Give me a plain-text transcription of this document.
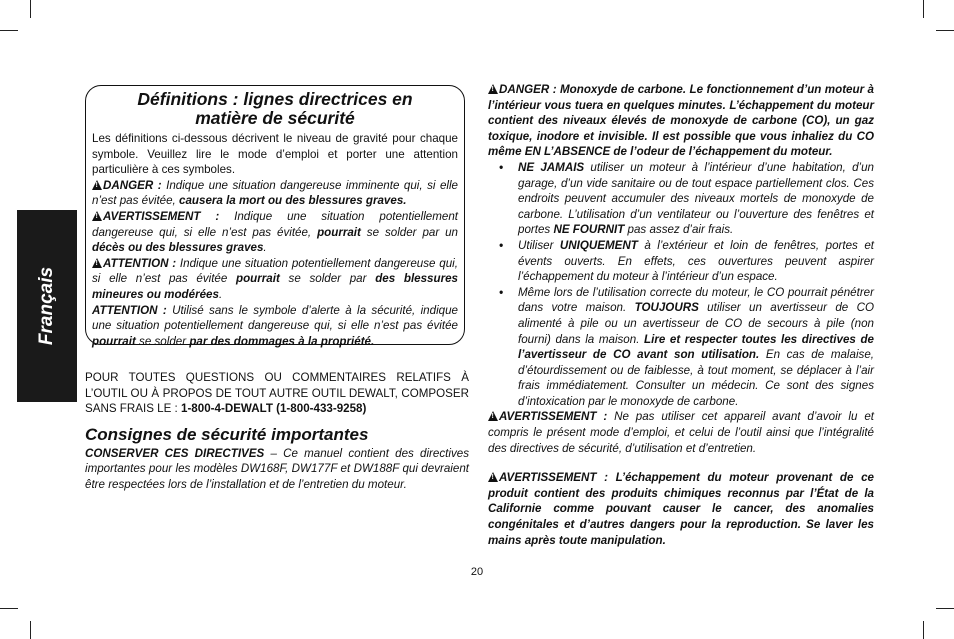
Français
Définitions : lignes directrices en
matière de sécurité

Les définitions ci-dessous décrivent le niveau de gravité pour chaque symbole. Veuillez lire le mode d’emploi et porter une attention particulière à ces symboles.

!DANGER : Indique une situation dangereuse imminente qui, si elle n’est pas évitée, causera la mort ou des blessures graves.

!AVERTISSEMENT : Indique une situation potentiellement dangereuse qui, si elle n’est pas évitée, pourrait se solder par un décès ou des blessures graves.

!ATTENTION : Indique une situation potentiellement dangereuse qui, si elle n’est pas évitée pourrait se solder par des blessures mineures ou modérées.

ATTENTION : Utilisé sans le symbole d’alerte à la sécurité, indique une situation potentiellement dangereuse qui, si elle n’est pas évitée pourrait se solder par des dommages à la propriété.

POUR TOUTES QUESTIONS OU COMMENTAIRES RELATIFS À L’OUTIL OU À PROPOS DE TOUT AUTRE OUTIL DEWALT, COMPOSER SANS FRAIS LE : 1-800-4-DEWALT (1-800-433-9258)

Consignes de sécurité importantes

CONSERVER CES DIRECTIVES – Ce manuel contient des directives importantes pour les modèles DW168F, DW177F et DW188F qui devraient être respectées lors de l’installation et de l’entretien du moteur.

!DANGER : Monoxyde de carbone. Le fonctionnement d’un moteur à l’intérieur vous tuera en quelques minutes. L’échappement du moteur contient des niveaux élevés de monoxyde de carbone (CO), un gaz toxique, inodore et invisible. Il est possible que vous inhaliez du CO même EN L’ABSENCE de l’odeur de l’échappement du moteur.

• NE JAMAIS utiliser un moteur à l’intérieur d’une habitation, d’un garage, d’un vide sanitaire ou de tout espace partiellement clos. Ces endroits peuvent accumuler des niveaux mortels de monoxyde de carbone. L’utilisation d’un ventilateur ou l’ouverture des fenêtres et portes NE FOURNIT pas assez d’air frais.

• Utiliser UNIQUEMENT à l’extérieur et loin de fenêtres, portes et évents ouverts. En effets, ces ouvertures peuvent aspirer l’échappement du moteur à l’intérieur d’un espace.

• Même lors de l’utilisation correcte du moteur, le CO pourrait pénétrer dans votre maison. TOUJOURS utiliser un avertisseur de CO alimenté à pile ou un avertisseur de CO de secours à pile (non fourni) dans la maison. Lire et respecter toutes les directives de l’avertisseur de CO avant son utilisation. En cas de malaise, d’étourdissement ou de faiblesse, à tout moment, se déplacer à l’air frais immédiatement. Consulter un médecin. Ce sont des signes d’intoxication par le monoxyde de carbone.

!AVERTISSEMENT : Ne pas utiliser cet appareil avant d’avoir lu et compris le présent mode d’emploi, et celui de l’outil ainsi que l’intégralité des directives de sécurité, d’utilisation et d’entretien.

!AVERTISSEMENT : L’échappement du moteur provenant de ce produit contient des produits chimiques reconnus par l’État de la Californie comme pouvant causer le cancer, des anomalies congénitales et d’autres dangers pour la reproduction. Se laver les mains après toute manipulation.

20
